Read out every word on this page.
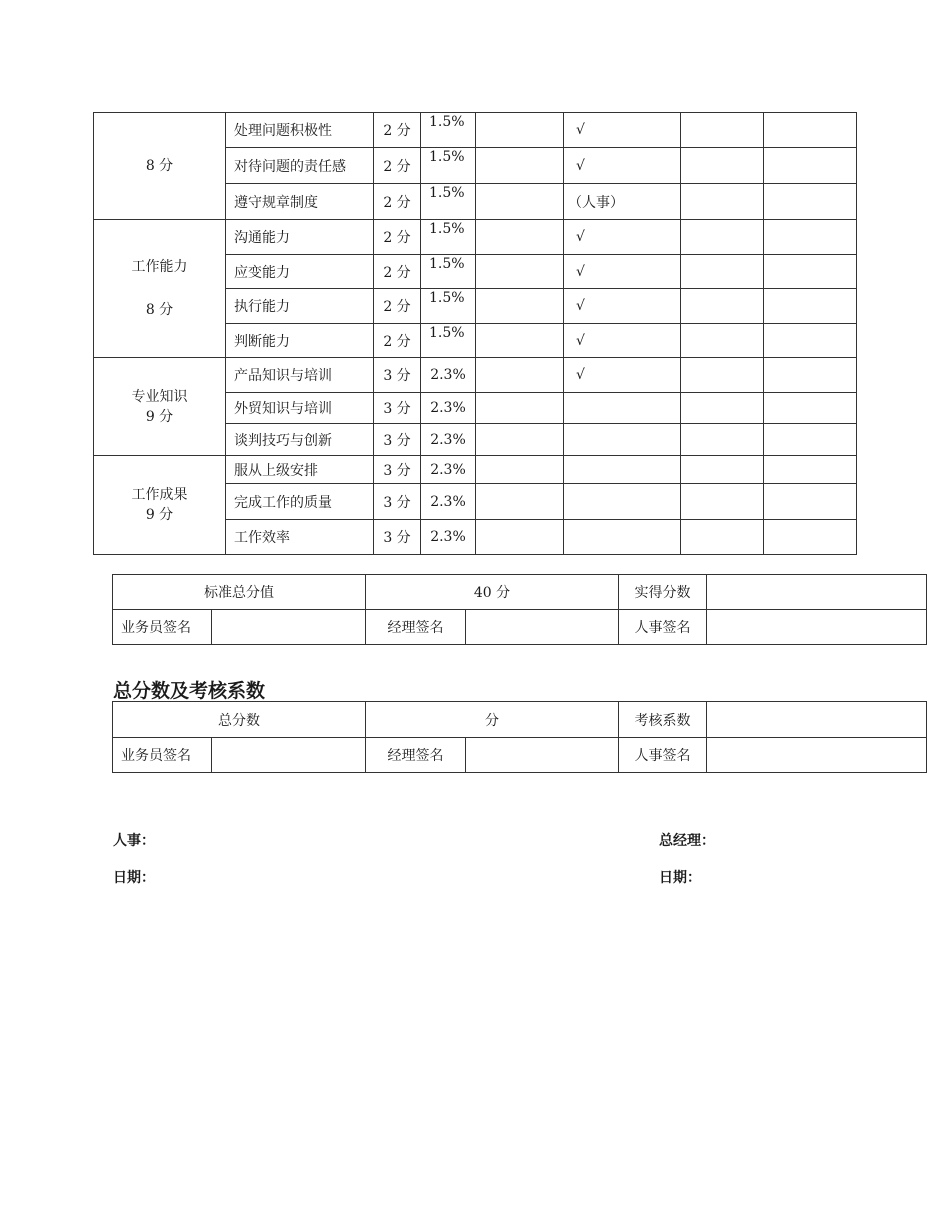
8 分	处理问题积极性	2 分	1.5%		√		
	对待问题的责任感	2 分	1.5%		√		
	遵守规章制度	2 分	1.5%		（人事）		

工作能力
8 分	沟通能力	2 分	1.5%		√		
	应变能力	2 分	1.5%		√		
	执行能力	2 分	1.5%		√		
	判断能力	2 分	1.5%		√		

专业知识
9 分	产品知识与培训	3 分	2.3%		√		
	外贸知识与培训	3 分	2.3%				
	谈判技巧与创新	3 分	2.3%				

工作成果
9 分	服从上级安排	3 分	2.3%				
	完成工作的质量	3 分	2.3%				
	工作效率	3 分	2.3%				
标准总分值		40 分		实得分数	
业务员签名		经理签名		人事签名	
总分数及考核系数
总分数		分		考核系数	
业务员签名		经理签名		人事签名	
人事：	总经理：
日期：	日期：
